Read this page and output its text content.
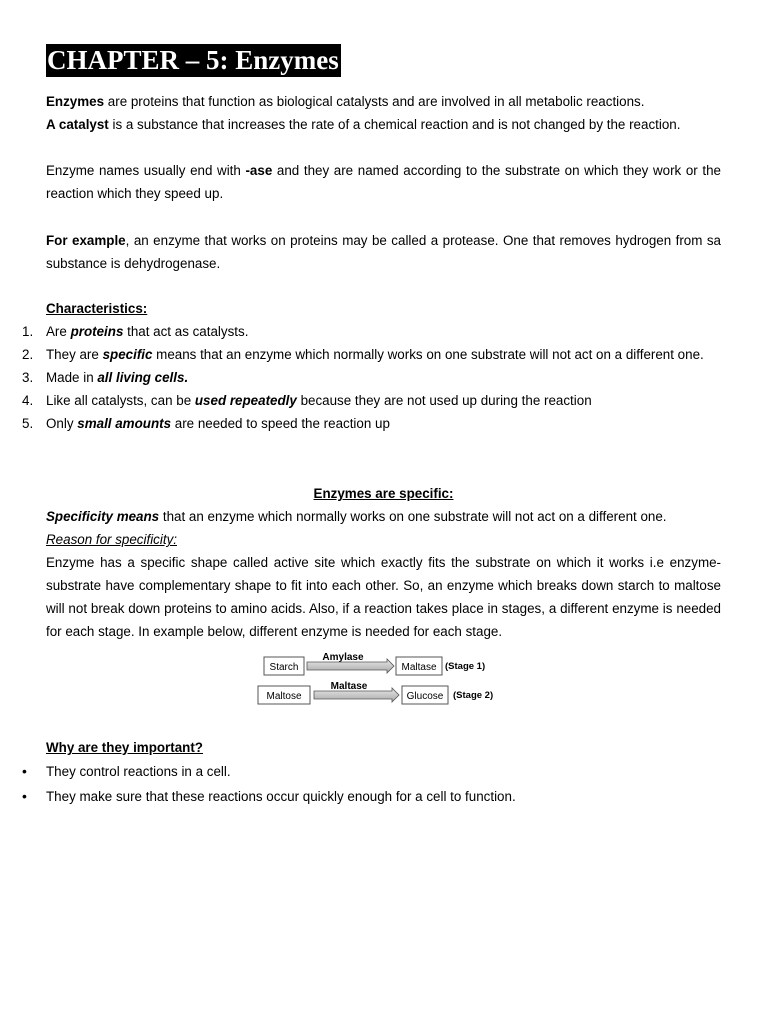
CHAPTER – 5: Enzymes

Enzymes are proteins that function as biological catalysts and are involved in all metabolic reactions.

A catalyst is a substance that increases the rate of a chemical reaction and is not changed by the reaction.

Enzyme names usually end with -ase and they are named according to the substrate on which they work or the reaction which they speed up.

For example, an enzyme that works on proteins may be called a protease. One that removes hydrogen from sa substance is dehydrogenase.

Characteristics:

1. Are proteins that act as catalysts.
2. They are specific means that an enzyme which normally works on one substrate will not act on a different one.
3. Made in all living cells.
4. Like all catalysts, can be used repeatedly because they are not used up during the reaction
5. Only small amounts are needed to speed the reaction up

Enzymes are specific:

Specificity means that an enzyme which normally works on one substrate will not act on a different one.

Reason for specificity:

Enzyme has a specific shape called active site which exactly fits the substrate on which it works i.e enzyme-substrate have complementary shape to fit into each other. So, an enzyme which breaks down starch to maltose will not break down proteins to amino acids. Also, if a reaction takes place in stages, a different enzyme is needed for each stage. In example below, different enzyme is needed for each stage.

Starch
Amylase
Maltase (Stage 1)
Maltose
Maltase
Glucose (Stage 2)

Why are they important?

• They control reactions in a cell.
• They make sure that these reactions occur quickly enough for a cell to function.
